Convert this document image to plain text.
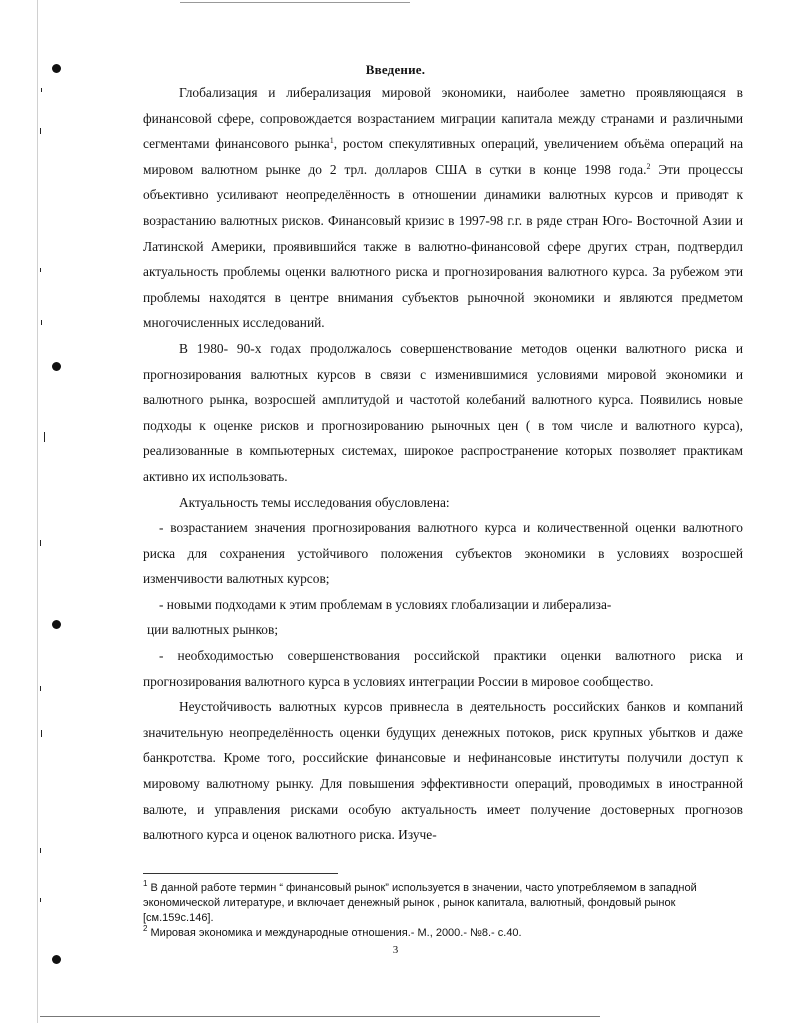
Введение.

Глобализация и либерализация мировой экономики, наиболее заметно проявляющаяся в финансовой сфере, сопровождается возрастанием миграции капитала между странами и различными сегментами финансового рынка$^1$, ростом спекулятивных операций, увеличением объёма операций на мировом валютном рынке до 2 трл. долларов США в сутки в конце 1998 года.$^2$ Эти процессы объективно усиливают неопределённость в отношении динамики валютных курсов и приводят к возрастанию валютных рисков. Финансовый кризис в 1997-98 г.г. в ряде стран Юго- Восточной Азии и Латинской Америки, проявившийся также в валютно-финансовой сфере других стран, подтвердил актуальность проблемы оценки валютного риска и прогнозирования валютного курса. За рубежом эти проблемы находятся в центре внимания субъектов рыночной экономики и являются предметом многочисленных исследований.

В 1980- 90-х годах продолжалось совершенствование методов оценки валютного риска и прогнозирования валютных курсов в связи с изменившимися условиями мировой экономики и валютного рынка, возросшей амплитудой и частотой колебаний валютного курса. Появились новые подходы к оценке рисков и прогнозированию рыночных цен ( в том числе и валютного курса), реализованные в компьютерных системах, широкое распространение которых позволяет практикам активно их использовать.

Актуальность темы исследования обусловлена:

- возрастанием значения прогнозирования валютного курса и количественной оценки валютного риска для сохранения устойчивого положения субъектов экономики в условиях возросшей изменчивости валютных курсов;

- новыми подходами к этим проблемам в условиях глобализации и либерализа-

ции валютных рынков;

- необходимостью совершенствования российской практики оценки валютного риска и прогнозирования валютного курса в условиях интеграции России в мировое сообщество.

Неустойчивость валютных курсов привнесла в деятельность российских банков и компаний значительную неопределённость оценки будущих денежных потоков, риск крупных убытков и даже банкротства. Кроме того, российские финансовые и нефинансовые институты получили доступ к мировому валютному рынку. Для повышения эффективности операций, проводимых в иностранной валюте, и управления рисками особую актуальность имеет получение достоверных прогнозов валютного курса и оценок валютного риска. Изуче-

$^1$ В данной работе термин “ финансовый рынок” используется в значении, часто употребляемом в западной экономической литературе, и включает денежный рынок , рынок капитала, валютный, фондовый рынок [см.159с.146].

$^2$ Мировая экономика и международные отношения.- М., 2000.- №8.- с.40.

3
